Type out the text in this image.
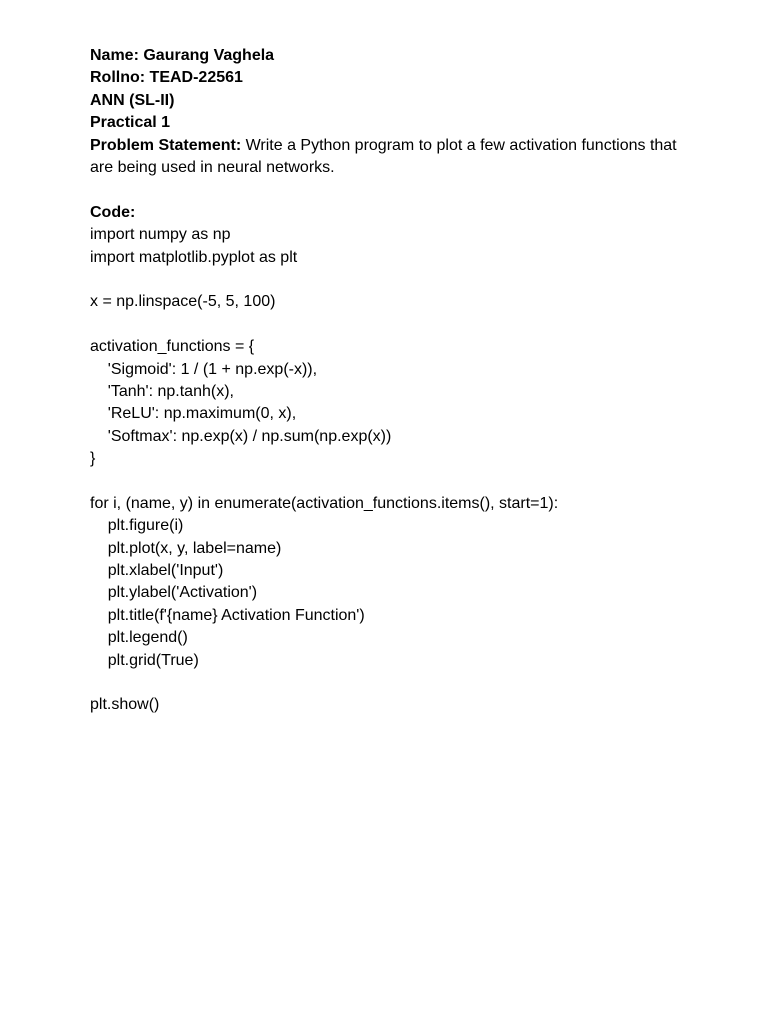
Name: Gaurang Vaghela
Rollno: TEAD-22561
ANN (SL-II)
Practical 1
Problem Statement: Write a Python program to plot a few activation functions that are being used in neural networks.
Code:
import numpy as np
import matplotlib.pyplot as plt
x = np.linspace(-5, 5, 100)
activation_functions = {
'Sigmoid': 1 / (1 + np.exp(-x)),
'Tanh': np.tanh(x),
'ReLU': np.maximum(0, x),
'Softmax': np.exp(x) / np.sum(np.exp(x))
}
for i, (name, y) in enumerate(activation_functions.items(), start=1):
plt.figure(i)
plt.plot(x, y, label=name)
plt.xlabel('Input')
plt.ylabel('Activation')
plt.title(f'{name} Activation Function')
plt.legend()
plt.grid(True)
plt.show()
